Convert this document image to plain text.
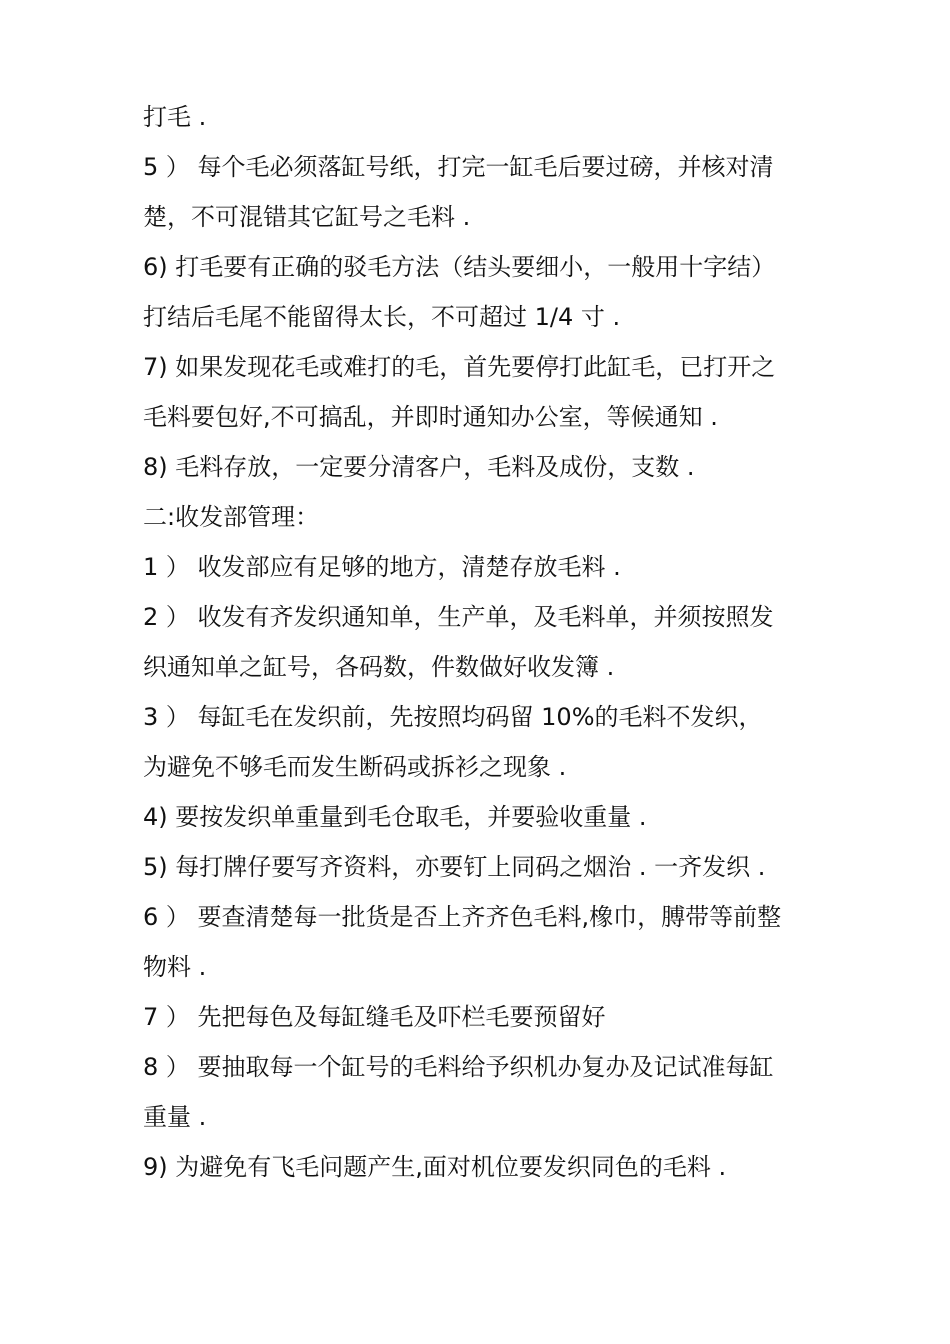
打毛 .
5 ） 每个毛必须落缸号纸，打完一缸毛后要过磅，并核对清
楚，不可混错其它缸号之毛料 .
6) 打毛要有正确的驳毛方法（结头要细小，一般用十字结）
打结后毛尾不能留得太长，不可超过 1/4 寸 .
7) 如果发现花毛或难打的毛，首先要停打此缸毛，已打开之
毛料要包好,不可搞乱，并即时通知办公室，等候通知 .
8) 毛料存放，一定要分清客户，毛料及成份，支数 .
二:收发部管理：
1 ） 收发部应有足够的地方，清楚存放毛料 .
2 ） 收发有齐发织通知单，生产单，及毛料单，并须按照发
织通知单之缸号，各码数，件数做好收发簿 .
3 ） 每缸毛在发织前，先按照均码留 10%的毛料不发织，
为避免不够毛而发生断码或拆衫之现象 .
4) 要按发织单重量到毛仓取毛，并要验收重量 .
5) 每打牌仔要写齐资料，亦要钉上同码之烟治 . 一齐发织 .
6 ） 要查清楚每一批货是否上齐齐色毛料,橡巾，膊带等前整
物料 .
7 ） 先把每色及每缸缝毛及吓栏毛要预留好
8 ） 要抽取每一个缸号的毛料给予织机办复办及记试准每缸
重量 .
9) 为避免有飞毛问题产生,面对机位要发织同色的毛料 .
